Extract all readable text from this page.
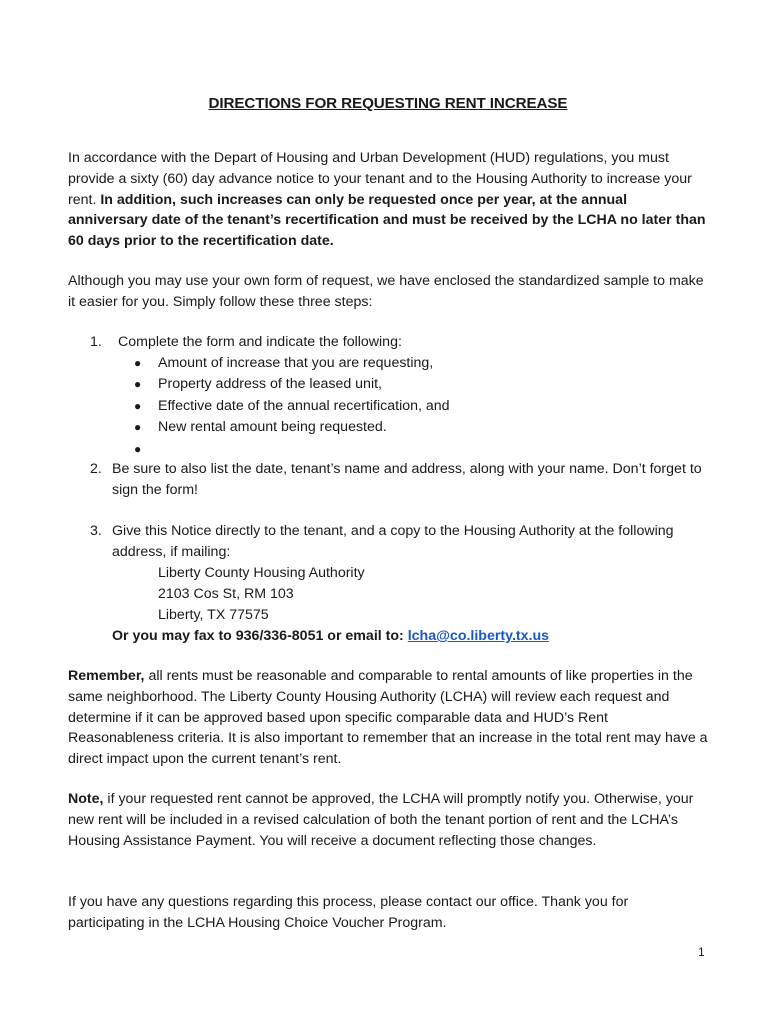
DIRECTIONS FOR REQUESTING RENT INCREASE

In accordance with the Depart of Housing and Urban Development (HUD) regulations, you must provide a sixty (60) day advance notice to your tenant and to the Housing Authority to increase your rent. In addition, such increases can only be requested once per year, at the annual anniversary date of the tenant’s recertification and must be received by the LCHA no later than 60 days prior to the recertification date.

Although you may use your own form of request, we have enclosed the standardized sample to make it easier for you. Simply follow these three steps:

1. Complete the form and indicate the following:
● Amount of increase that you are requesting,
● Property address of the leased unit,
● Effective date of the annual recertification, and
● New rental amount being requested.
●
2. Be sure to also list the date, tenant’s name and address, along with your name. Don’t forget to sign the form!
3. Give this Notice directly to the tenant, and a copy to the Housing Authority at the following address, if mailing:
Liberty County Housing Authority
2103 Cos St, RM 103
Liberty, TX 77575
Or you may fax to 936/336-8051 or email to: lcha@co.liberty.tx.us

Remember, all rents must be reasonable and comparable to rental amounts of like properties in the same neighborhood. The Liberty County Housing Authority (LCHA) will review each request and determine if it can be approved based upon specific comparable data and HUD’s Rent Reasonableness criteria. It is also important to remember that an increase in the total rent may have a direct impact upon the current tenant’s rent.

Note, if your requested rent cannot be approved, the LCHA will promptly notify you. Otherwise, your new rent will be included in a revised calculation of both the tenant portion of rent and the LCHA’s Housing Assistance Payment. You will receive a document reflecting those changes.

If you have any questions regarding this process, please contact our office. Thank you for participating in the LCHA Housing Choice Voucher Program.

1
